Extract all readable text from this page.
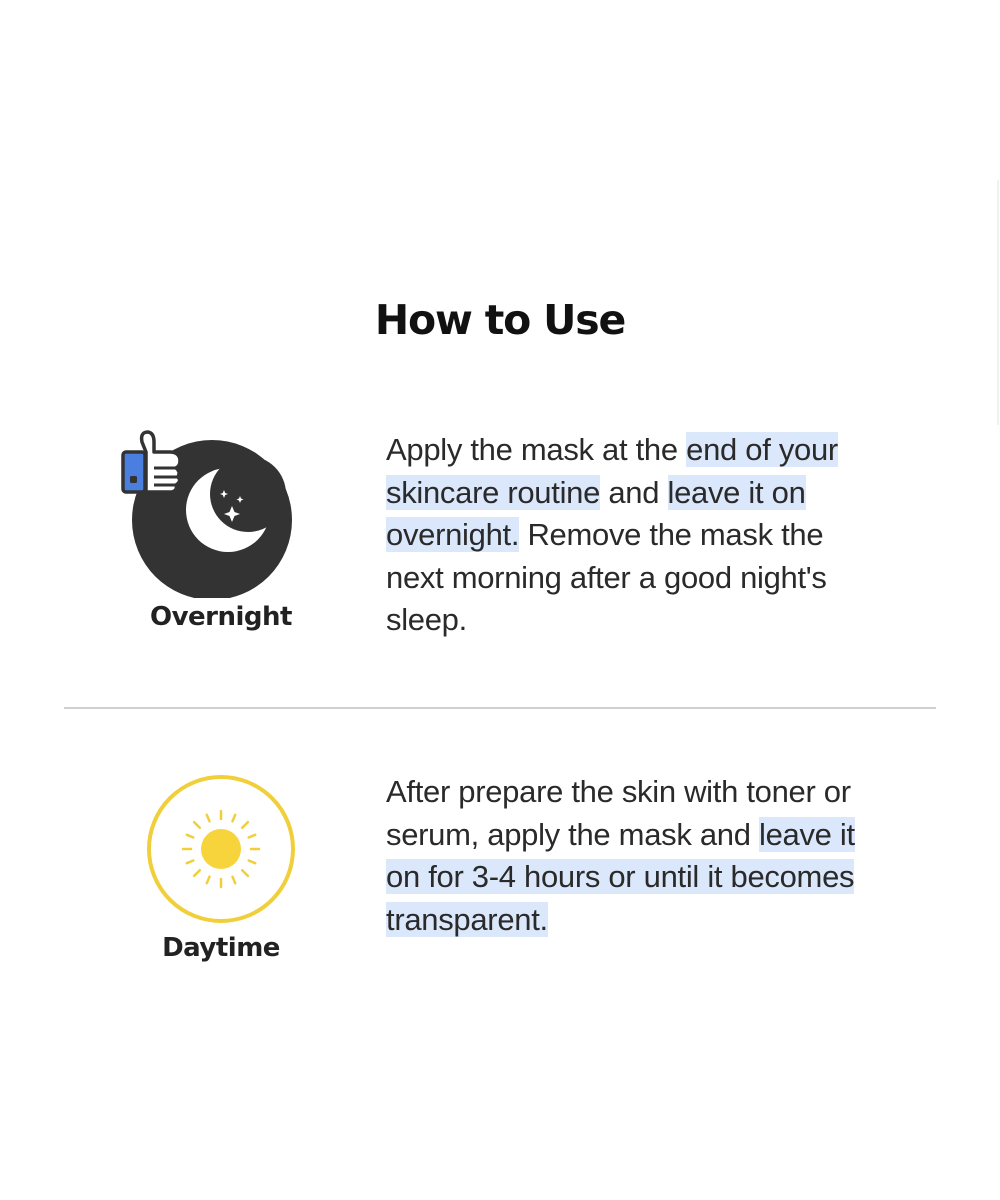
How to Use
Overnight
Apply the mask at the end of your skincare routine and leave it on overnight. Remove the mask the next morning after a good night's sleep.
Daytime
After prepare the skin with toner or serum, apply the mask and leave it on for 3-4 hours or until it becomes transparent.
